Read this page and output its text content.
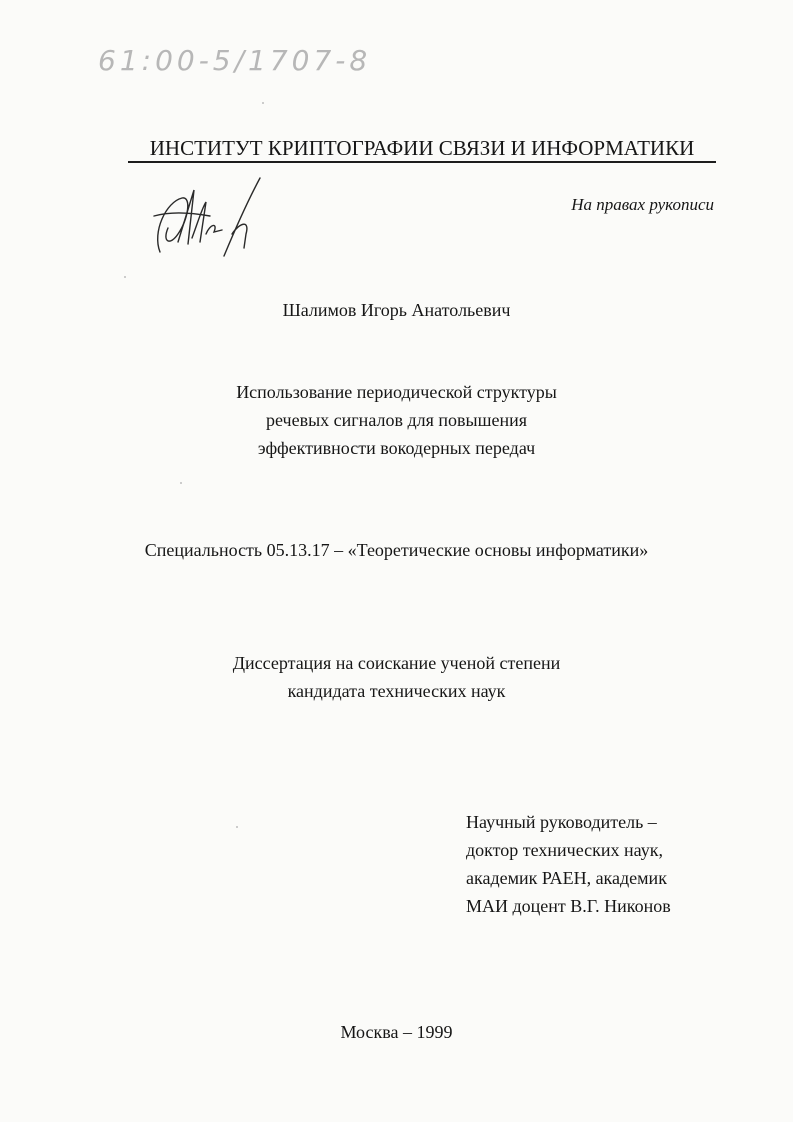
61:00-5/1707-8
ИНСТИТУТ КРИПТОГРАФИИ СВЯЗИ И ИНФОРМАТИКИ
На правах рукописи
Шалимов Игорь Анатольевич
Использование периодической структуры
речевых сигналов для повышения
эффективности вокодерных передач
Специальность 05.13.17 – «Теоретические основы информатики»
Диссертация на соискание ученой степени
кандидата технических наук
Научный руководитель –
доктор технических наук,
академик РАЕН, академик
МАИ доцент В.Г. Никонов
Москва – 1999
